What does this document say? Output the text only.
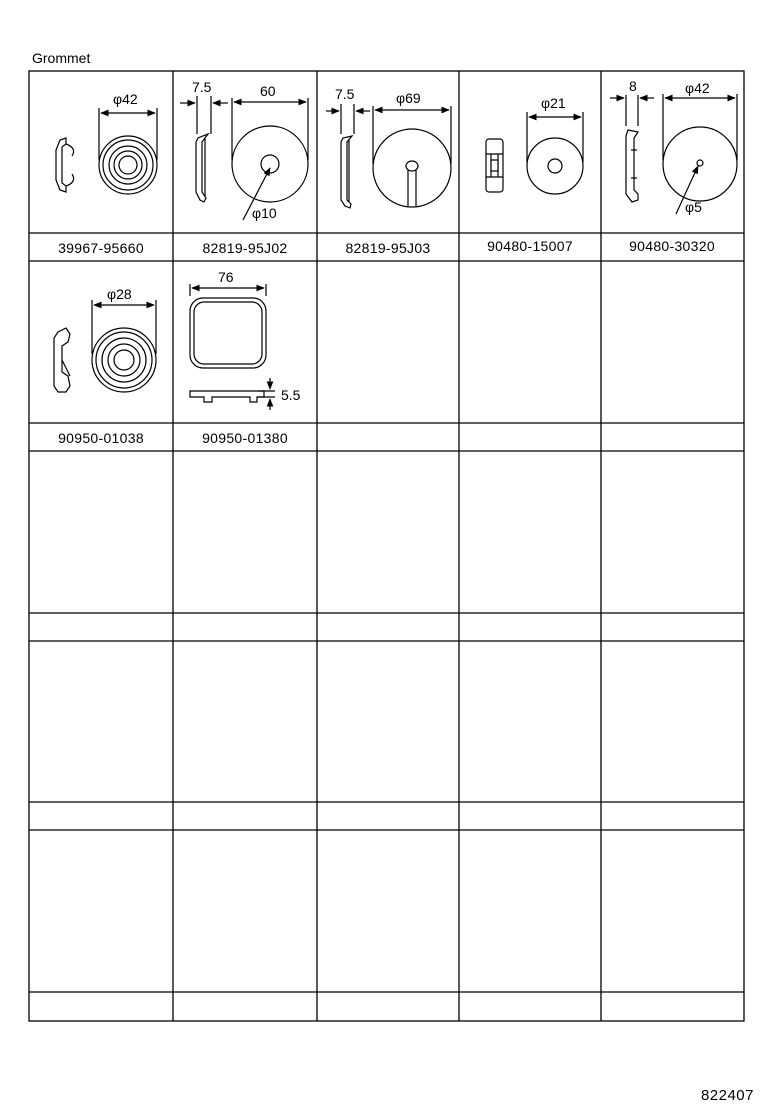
Grommet
822407
φ42
7.5	60
φ10
7.5	φ69	φ21
8	φ42
φ5
φ28
76
5.5
39967-95660	82819-95J02	82819-95J03	90480-15007	90480-30320
90950-01038	90950-01380
